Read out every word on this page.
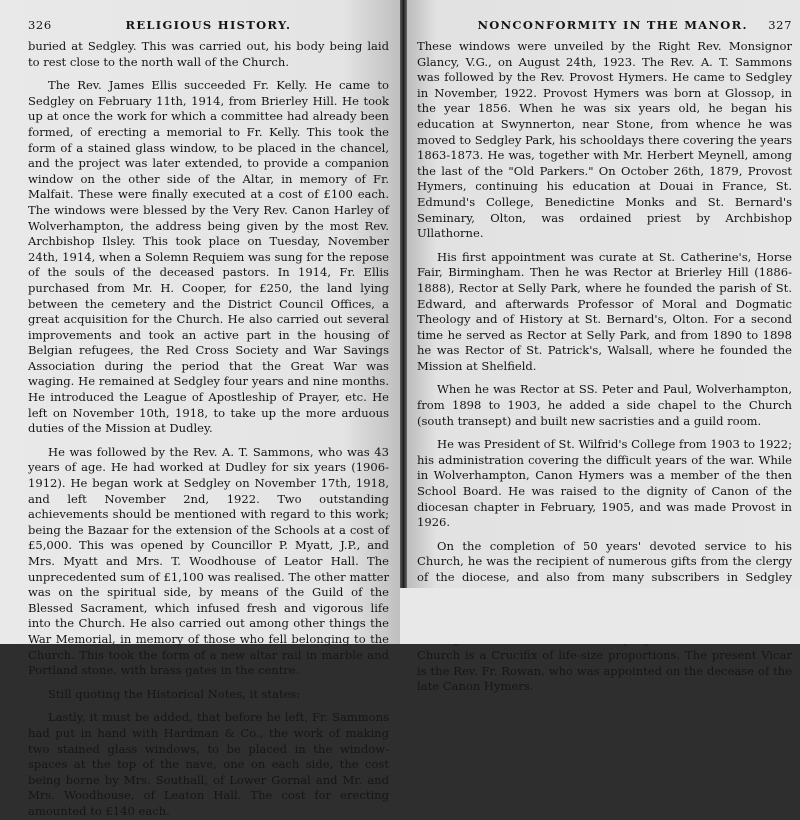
326	RELIGIOUS HISTORY.

buried at Sedgley. This was carried out, his body being laid to rest close to the north wall of the Church.

The Rev. James Ellis succeeded Fr. Kelly. He came to Sedgley on February 11th, 1914, from Brierley Hill. He took up at once the work for which a committee had already been formed, of erecting a memorial to Fr. Kelly. This took the form of a stained glass window, to be placed in the chancel, and the project was later extended, to provide a companion window on the other side of the Altar, in memory of Fr. Malfait. These were finally executed at a cost of £100 each. The windows were blessed by the Very Rev. Canon Harley of Wolverhampton, the address being given by the most Rev. Archbishop Ilsley. This took place on Tuesday, November 24th, 1914, when a Solemn Requiem was sung for the repose of the souls of the deceased pastors. In 1914, Fr. Ellis purchased from Mr. H. Cooper, for £250, the land lying between the cemetery and the District Council Offices, a great acquisition for the Church. He also carried out several improvements and took an active part in the housing of Belgian refugees, the Red Cross Society and War Savings Association during the period that the Great War was waging. He remained at Sedgley four years and nine months. He introduced the League of Apostleship of Prayer, etc. He left on November 10th, 1918, to take up the more arduous duties of the Mission at Dudley.

He was followed by the Rev. A. T. Sammons, who was 43 years of age. He had worked at Dudley for six years (1906-1912). He began work at Sedgley on November 17th, 1918, and left November 2nd, 1922. Two outstanding achievements should be mentioned with regard to this work; being the Bazaar for the extension of the Schools at a cost of £5,000. This was opened by Councillor P. Myatt, J.P., and Mrs. Myatt and Mrs. T. Woodhouse of Leator Hall. The unprecedented sum of £1,100 was realised. The other matter was on the spiritual side, by means of the Guild of the Blessed Sacrament, which infused fresh and vigorous life into the Church. He also carried out among other things the War Memorial, in memory of those who fell belonging to the Church. This took the form of a new altar rail in marble and Portland stone, with brass gates in the centre.

Still quoting the Historical Notes, it states:

Lastly, it must be added, that before he left, Fr. Sammons had put in hand with Hardman & Co., the work of making two stained glass windows, to be placed in the window-spaces at the top of the nave, one on each side, the cost being borne by Mrs. Southall, of Lower Gornal and Mr. and Mrs. Woodhouse, of Leaton Hall. The cost for erecting amounted to £140 each.

NONCONFORMITY IN THE MANOR. 327

These windows were unveiled by the Right Rev. Monsignor Glancy, V.G., on August 24th, 1923. The Rev. A. T. Sammons was followed by the Rev. Provost Hymers. He came to Sedgley in November, 1922. Provost Hymers was born at Glossop, in the year 1856. When he was six years old, he began his education at Swynnerton, near Stone, from whence he was moved to Sedgley Park, his schooldays there covering the years 1863-1873. He was, together with Mr. Herbert Meynell, among the last of the "Old Parkers." On October 26th, 1879, Provost Hymers, continuing his education at Douai in France, St. Edmund's College, Benedictine Monks and St. Bernard's Seminary, Olton, was ordained priest by Archbishop Ullathorne.

His first appointment was curate at St. Catherine's, Horse Fair, Birmingham. Then he was Rector at Brierley Hill (1886-1888), Rector at Selly Park, where he founded the parish of St. Edward, and afterwards Professor of Moral and Dogmatic Theology and of History at St. Bernard's, Olton. For a second time he served as Rector at Selly Park, and from 1890 to 1898 he was Rector of St. Patrick's, Walsall, where he founded the Mission at Shelfield.

When he was Rector at SS. Peter and Paul, Wolverhampton, from 1898 to 1903, he added a side chapel to the Church (south transept) and built new sacristies and a guild room.

He was President of St. Wilfrid's College from 1903 to 1922; his administration covering the difficult years of the war. While in Wolverhampton, Canon Hymers was a member of the then School Board. He was raised to the dignity of Canon of the diocesan chapter in February, 1905, and was made Provost in 1926.

On the completion of 50 years' devoted service to his Church, he was the recipient of numerous gifts from the clergy of the diocese, and also from many subscribers in Sedgley Church is a Crucifix of life-size proportions. The present Vicar is the Rev. Fr. Rowan, who was appointed on the decease of the late Canon Hymers.
